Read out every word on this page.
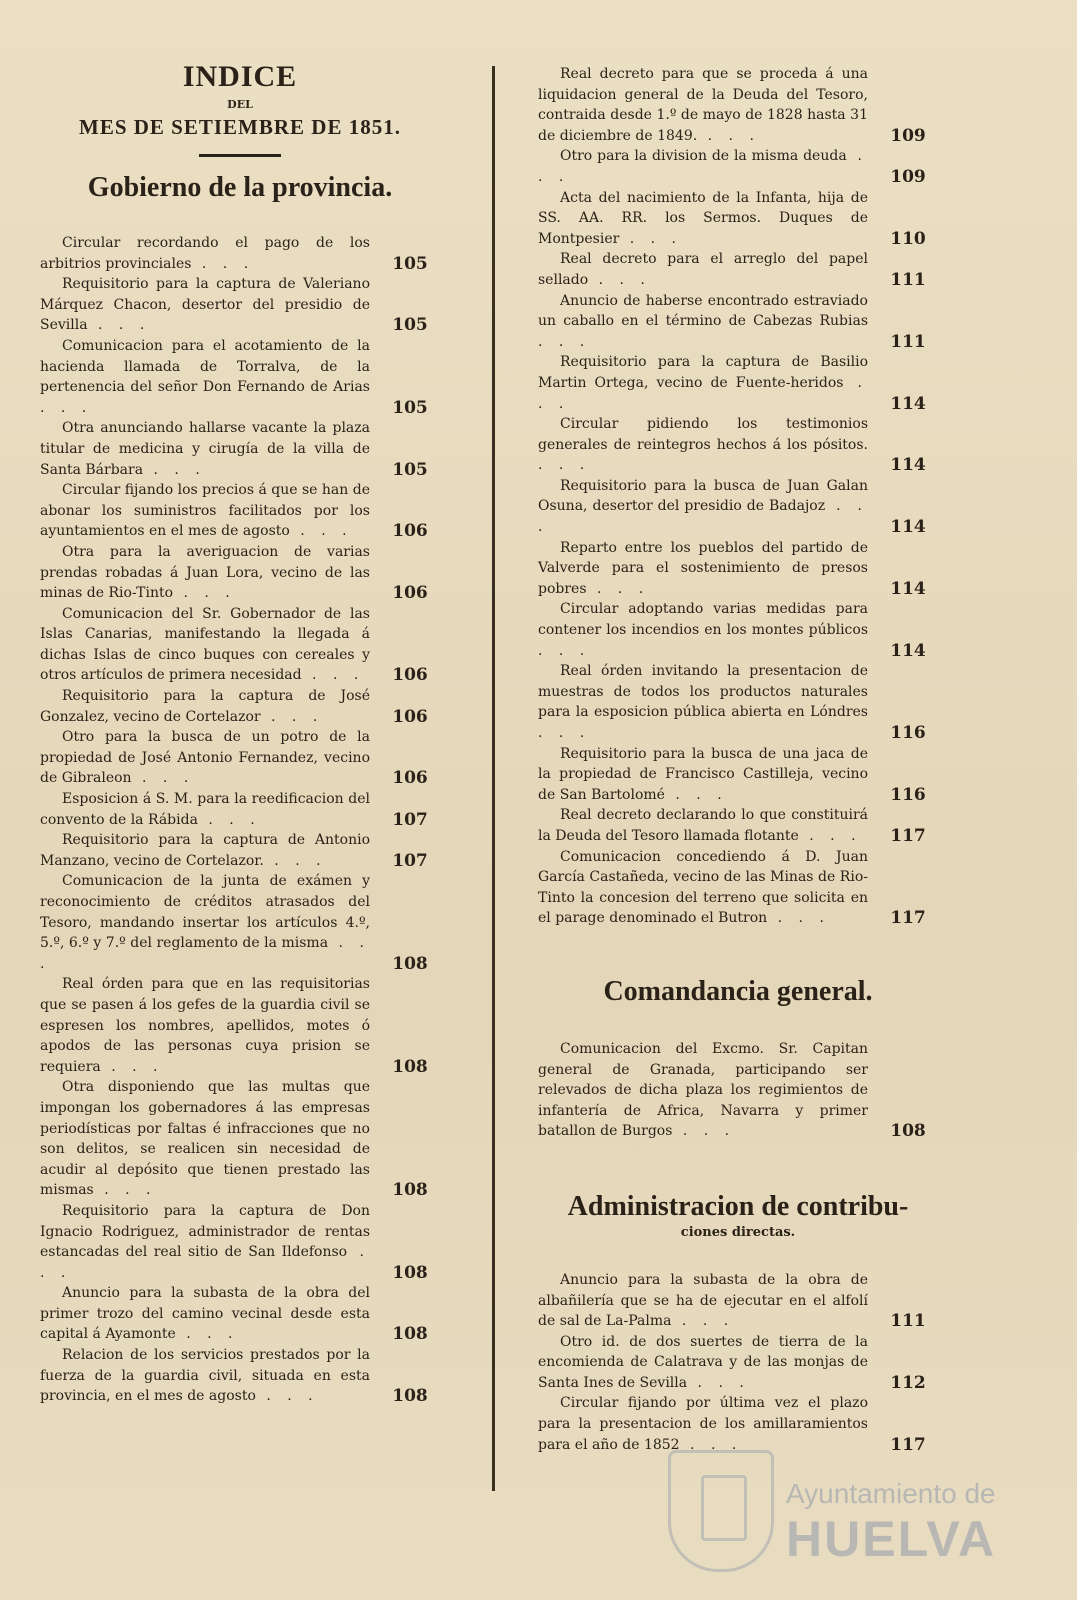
INDICE
DEL
MES DE SETIEMBRE DE 1851.
Gobierno de la provincia.

Circular recordando el pago de los arbitrios provinciales . . .	105

Requisitorio para la captura de Valeriano Márquez Chacon, desertor del presidio de Sevilla . . .	105

Comunicacion para el acotamiento de la hacienda llamada de Torralva, de la pertenencia del señor Don Fernando de Arias . . .	105

Otra anunciando hallarse vacante la plaza titular de medicina y cirugía de la villa de Santa Bárbara . . .	105

Circular fijando los precios á que se han de abonar los suministros facilitados por los ayuntamientos en el mes de agosto . . .	106

Otra para la averiguacion de varias prendas robadas á Juan Lora, vecino de las minas de Rio-Tinto . . .	106

Comunicacion del Sr. Gobernador de las Islas Canarias, manifestando la llegada á dichas Islas de cinco buques con cereales y otros artículos de primera necesidad . . .	106

Requisitorio para la captura de José Gonzalez, vecino de Cortelazor . . .	106

Otro para la busca de un potro de la propiedad de José Antonio Fernandez, vecino de Gibraleon . . .	106

Esposicion á S. M. para la reedificacion del convento de la Rábida . . .	107

Requisitorio para la captura de Antonio Manzano, vecino de Cortelazor. . . .	107

Comunicacion de la junta de exámen y reconocimiento de créditos atrasados del Tesoro, mandando insertar los artículos 4.º, 5.º, 6.º y 7.º del reglamento de la misma . . .	108

Real órden para que en las requisitorias que se pasen á los gefes de la guardia civil se espresen los nombres, apellidos, motes ó apodos de las personas cuya prision se requiera . . .	108

Otra disponiendo que las multas que impongan los gobernadores á las empresas periodísticas por faltas é infracciones que no son delitos, se realicen sin necesidad de acudir al depósito que tienen prestado las mismas . . .	108

Requisitorio para la captura de Don Ignacio Rodriguez, administrador de rentas estancadas del real sitio de San Ildefonso . . .	108

Anuncio para la subasta de la obra del primer trozo del camino vecinal desde esta capital á Ayamonte . . .	108

Relacion de los servicios prestados por la fuerza de la guardia civil, situada en esta provincia, en el mes de agosto . . .	108

Real decreto para que se proceda á una liquidacion general de la Deuda del Tesoro, contraida desde 1.º de mayo de 1828 hasta 31 de diciembre de 1849. . . .	109

Otro para la division de la misma deuda . . .	109

Acta del nacimiento de la Infanta, hija de SS. AA. RR. los Sermos. Duques de Montpesier . . .	110

Real decreto para el arreglo del papel sellado . . .	111

Anuncio de haberse encontrado estraviado un caballo en el término de Cabezas Rubias . . .	111

Requisitorio para la captura de Basilio Martin Ortega, vecino de Fuente-heridos . . .	114

Circular pidiendo los testimonios generales de reintegros hechos á los pósitos. . . .	114

Requisitorio para la busca de Juan Galan Osuna, desertor del presidio de Badajoz . . .	114

Reparto entre los pueblos del partido de Valverde para el sostenimiento de presos pobres . . .	114

Circular adoptando varias medidas para contener los incendios en los montes públicos . . .	114

Real órden invitando la presentacion de muestras de todos los productos naturales para la esposicion pública abierta en Lóndres . . .	116

Requisitorio para la busca de una jaca de la propiedad de Francisco Castilleja, vecino de San Bartolomé . . .	116

Real decreto declarando lo que constituirá la Deuda del Tesoro llamada flotante . . .	117

Comunicacion concediendo á D. Juan García Castañeda, vecino de las Minas de Rio-Tinto la concesion del terreno que solicita en el parage denominado el Butron . . .	117

Comandancia general.

Comunicacion del Excmo. Sr. Capitan general de Granada, participando ser relevados de dicha plaza los regimientos de infantería de Africa, Navarra y primer batallon de Burgos . . .	108

Administracion de contribu-
ciones directas.

Anuncio para la subasta de la obra de albañilería que se ha de ejecutar en el alfolí de sal de La-Palma . . .	111

Otro id. de dos suertes de tierra de la encomienda de Calatrava y de las monjas de Santa Ines de Sevilla . . .	112

Circular fijando por última vez el plazo para la presentacion de los amillaramientos para el año de 1852 . . .	117

Ayuntamiento de
HUELVA
